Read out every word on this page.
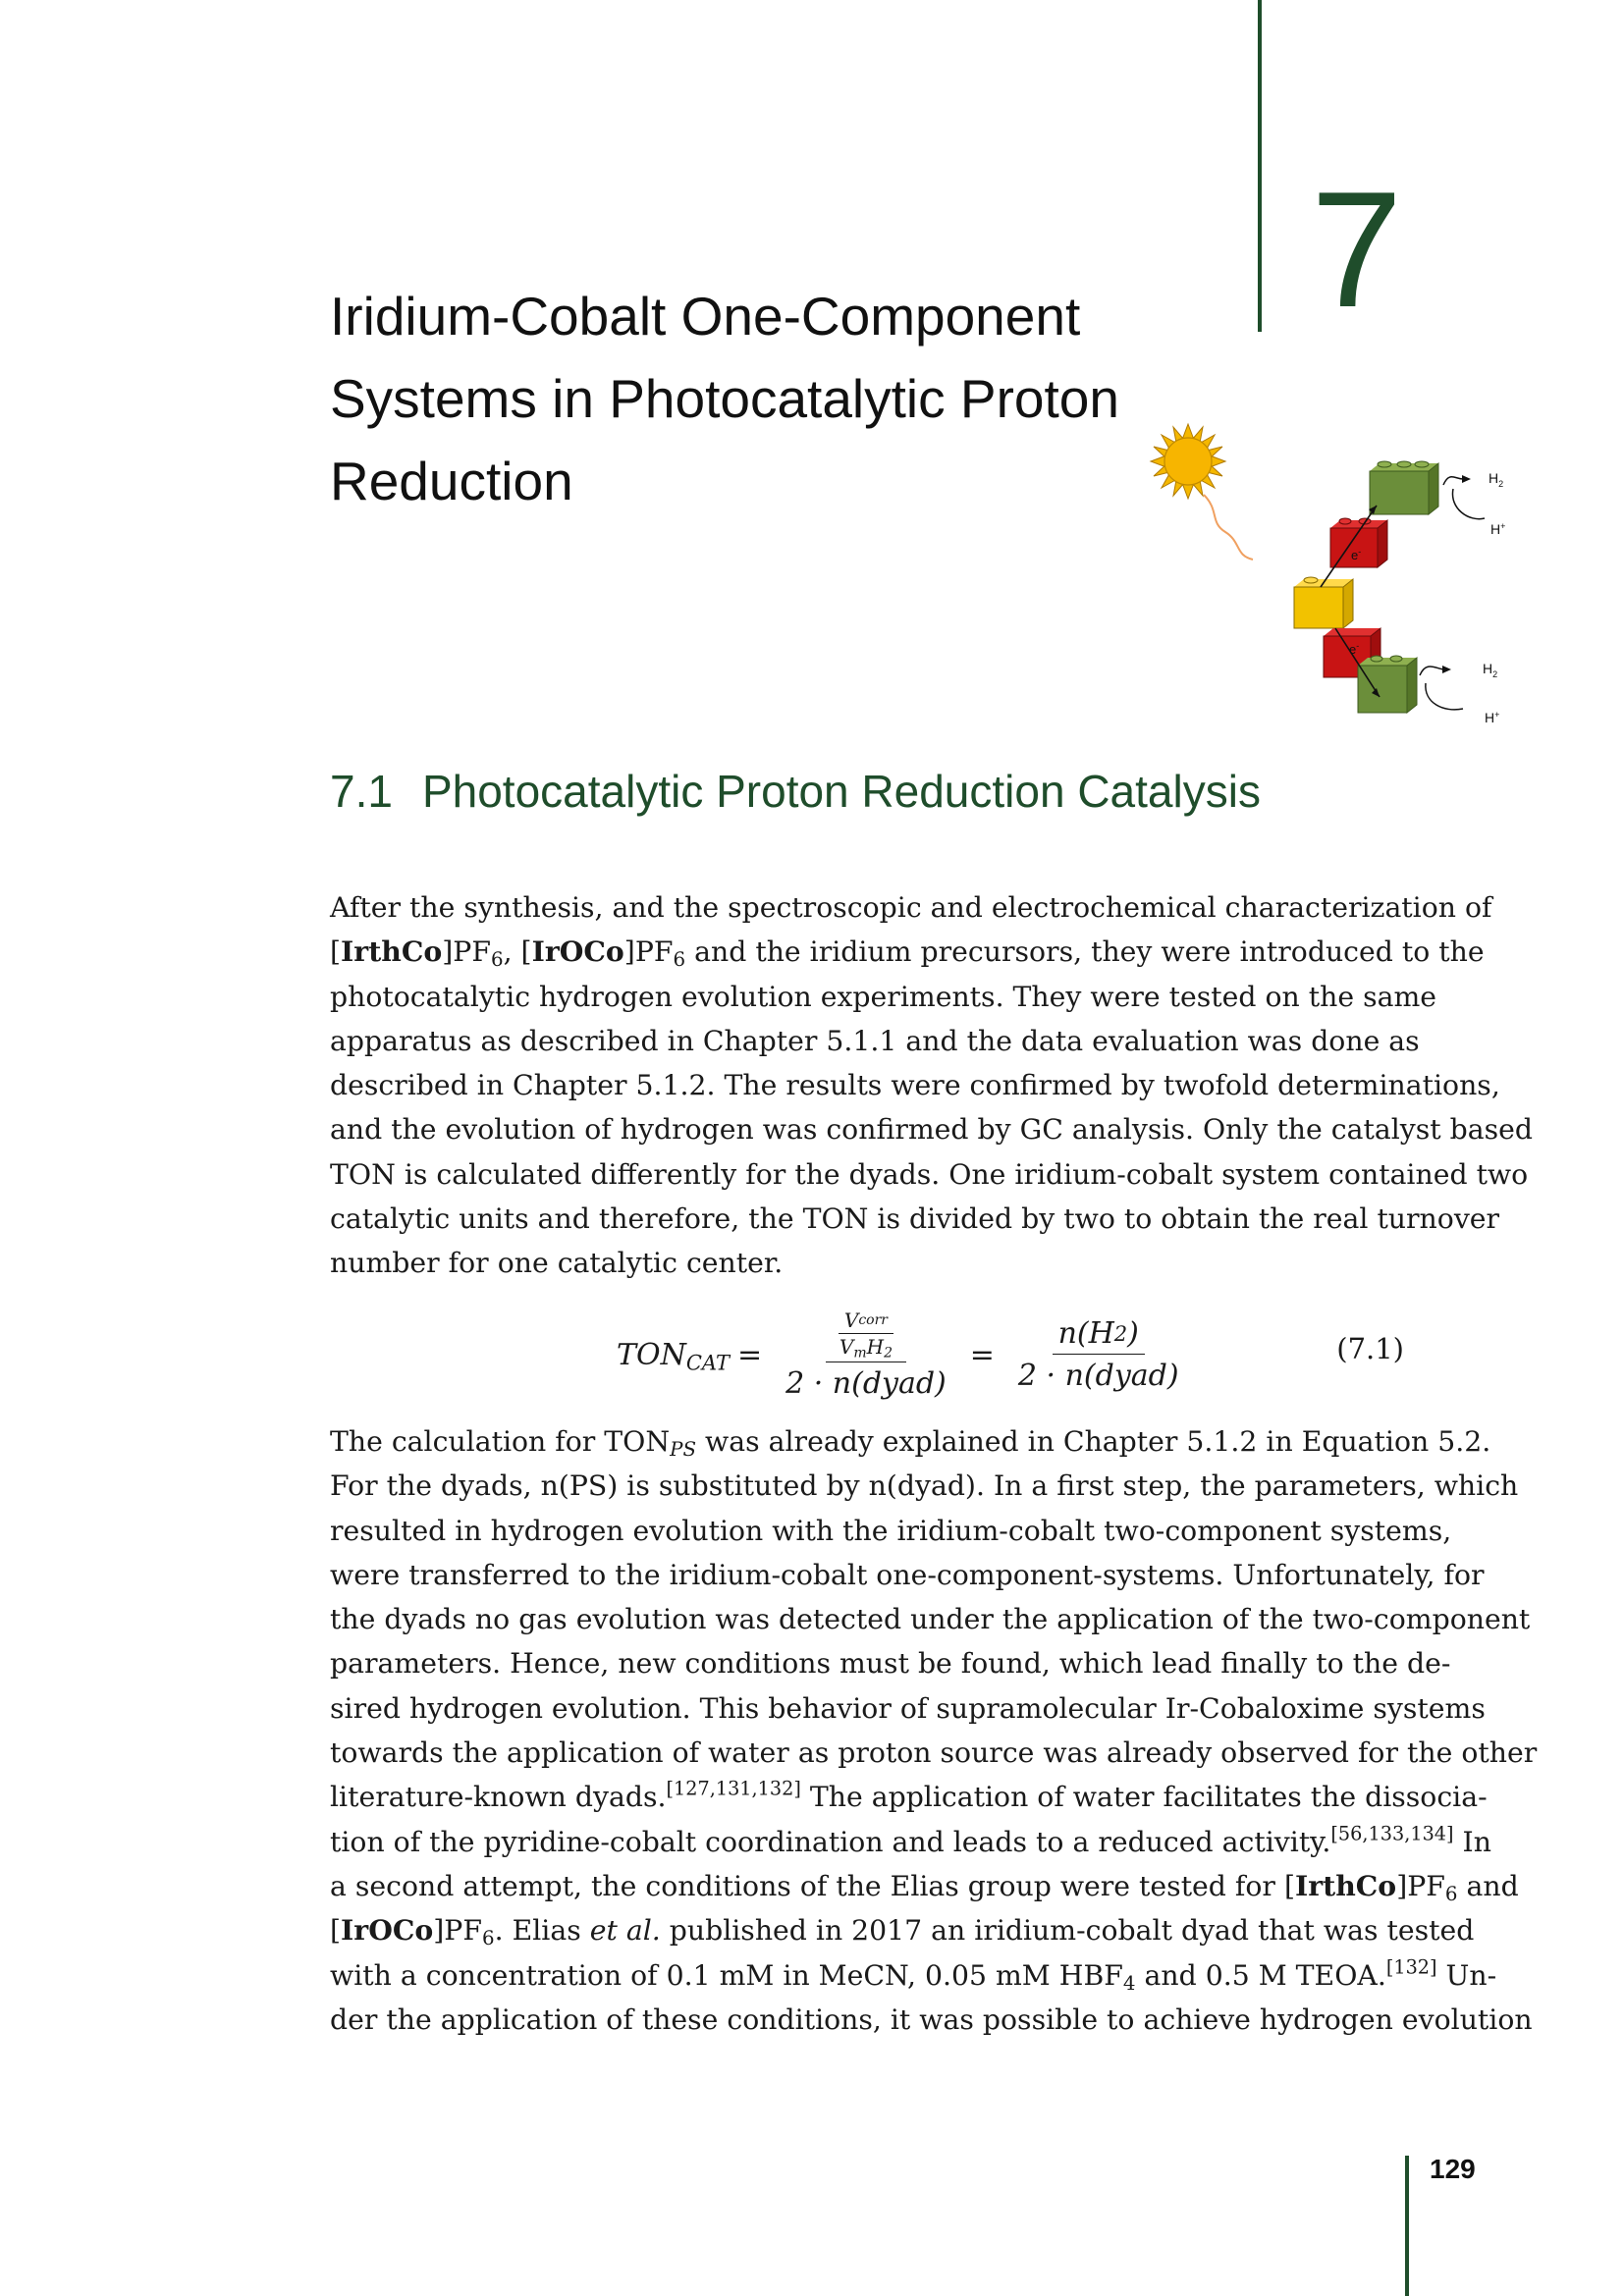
7
Iridium-Cobalt One-Component
Systems in Photocatalytic Proton
Reduction
e-
e-
$H_2$
H+
$H_2$
H+
7.1 Photocatalytic Proton Reduction Catalysis
After the synthesis, and the spectroscopic and electrochemical characterization of
$[IrthCo]PF_6$, $[IrOCo]PF_6$ and the iridium precursors, they were introduced to the
photocatalytic hydrogen evolution experiments. They were tested on the same
apparatus as described in Chapter 5.1.1 and the data evaluation was done as
described in Chapter 5.1.2. The results were confirmed by twofold determinations,
and the evolution of hydrogen was confirmed by GC analysis. Only the catalyst based
TON is calculated differently for the dyads. One iridium-cobalt system contained two
catalytic units and therefore, the TON is divided by two to obtain the real turnover
number for one catalytic center.
$TON_{CAT} = \frac{\frac{\text{V corr}}{V_mH_2}}{\text{2 · n(dyad)}} = \frac{n(H 2 )}{\text{2 · n(dyad)}}$	(7.1)
The calculation for $TON_{PS}$ was already explained in Chapter 5.1.2 in Equation 5.2.
For the dyads, n(PS) is substituted by n(dyad). In a first step, the parameters, which
resulted in hydrogen evolution with the iridium-cobalt two-component systems,
were transferred to the iridium-cobalt one-component-systems. Unfortunately, for
the dyads no gas evolution was detected under the application of the two-component
parameters. Hence, new conditions must be found, which lead finally to the de-
sired hydrogen evolution. This behavior of supramolecular Ir-Cobaloxime systems
towards the application of water as proton source was already observed for the other
literature-known dyads.[127,131,132] The application of water facilitates the dissocia-
tion of the pyridine-cobalt coordination and leads to a reduced activity.[56,133,134] In
a second attempt, the conditions of the Elias group were tested for $[IrthCo]PF_6$ and
$[IrOCo]PF_6$. Elias et al. published in 2017 an iridium-cobalt dyad that was tested
with a concentration of 0.1 mM in MeCN, 0.05 mM $HBF_4$ and 0.5 M TEOA.[132] Un-
der the application of these conditions, it was possible to achieve hydrogen evolution
129
